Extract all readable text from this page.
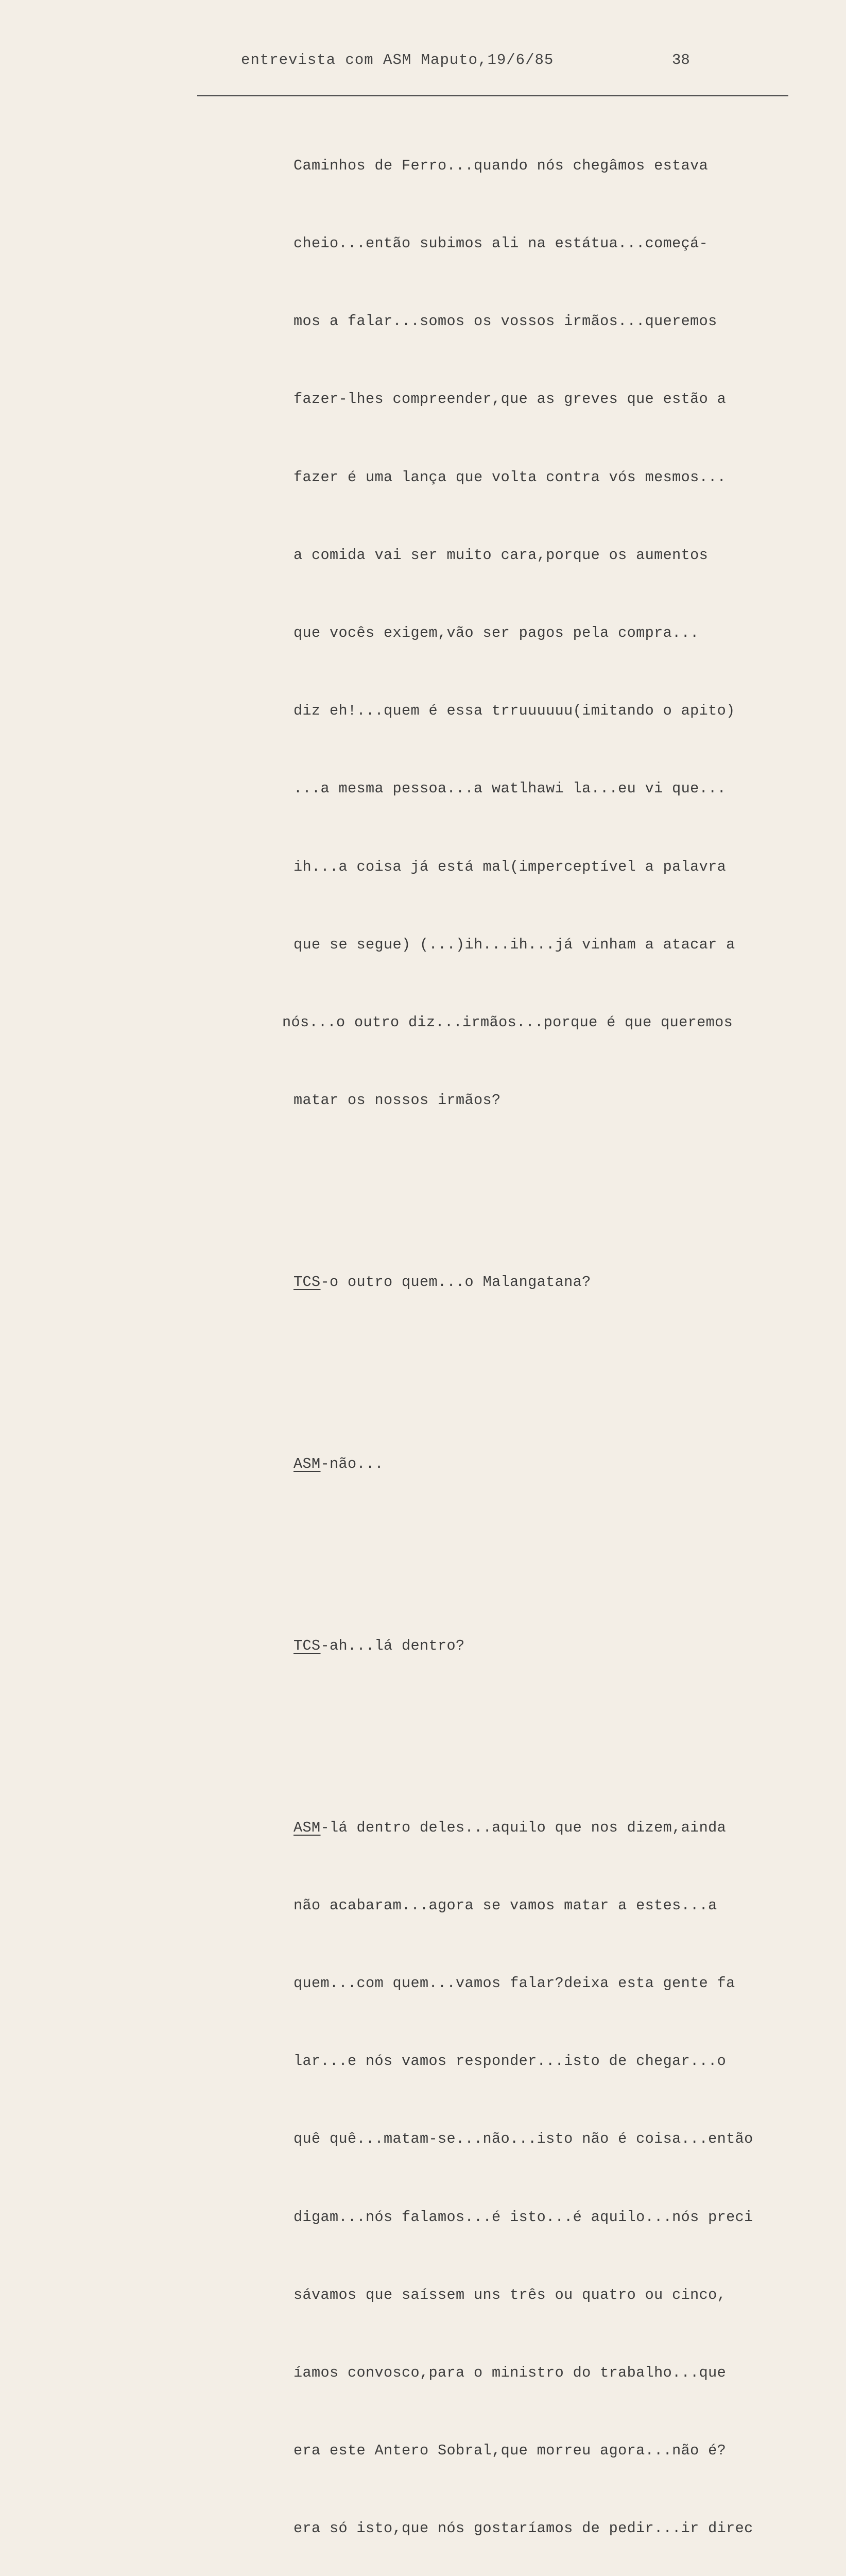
entrevista com ASM Maputo,19/6/85	38

Caminhos de Ferro...quando nós chegâmos estava

cheio...então subimos ali na estátua...começá-

mos a falar...somos os vossos irmãos...queremos

fazer-lhes compreender,que as greves que estão a

fazer é uma lança que volta contra vós mesmos...

a comida vai ser muito cara,porque os aumentos

que vocês exigem,vão ser pagos pela compra...

diz eh!...quem é essa trruuuuuu(imitando o apito)

...a mesma pessoa...a watlhawi la...eu vi que...

ih...a coisa já está mal(imperceptível a palavra

que se segue) (...)ih...ih...já vinham a atacar a

nós...o outro diz...irmãos...porque é que queremos

matar os nossos irmãos?

TCS-o outro quem...o Malangatana?

ASM-não...

TCS-ah...lá dentro?

ASM-lá dentro deles...aquilo que nos dizem,ainda

não acabaram...agora se vamos matar a estes...a

quem...com quem...vamos falar?deixa esta gente fa

lar...e nós vamos responder...isto de chegar...o

quê quê...matam-se...não...isto não é coisa...então

digam...nós falamos...é isto...é aquilo...nós preci

sávamos que saíssem uns três ou quatro ou cinco,

íamos convosco,para o ministro do trabalho...que

era este Antero Sobral,que morreu agora...não é?

era só isto,que nós gostaríamos de pedir...ir direc
